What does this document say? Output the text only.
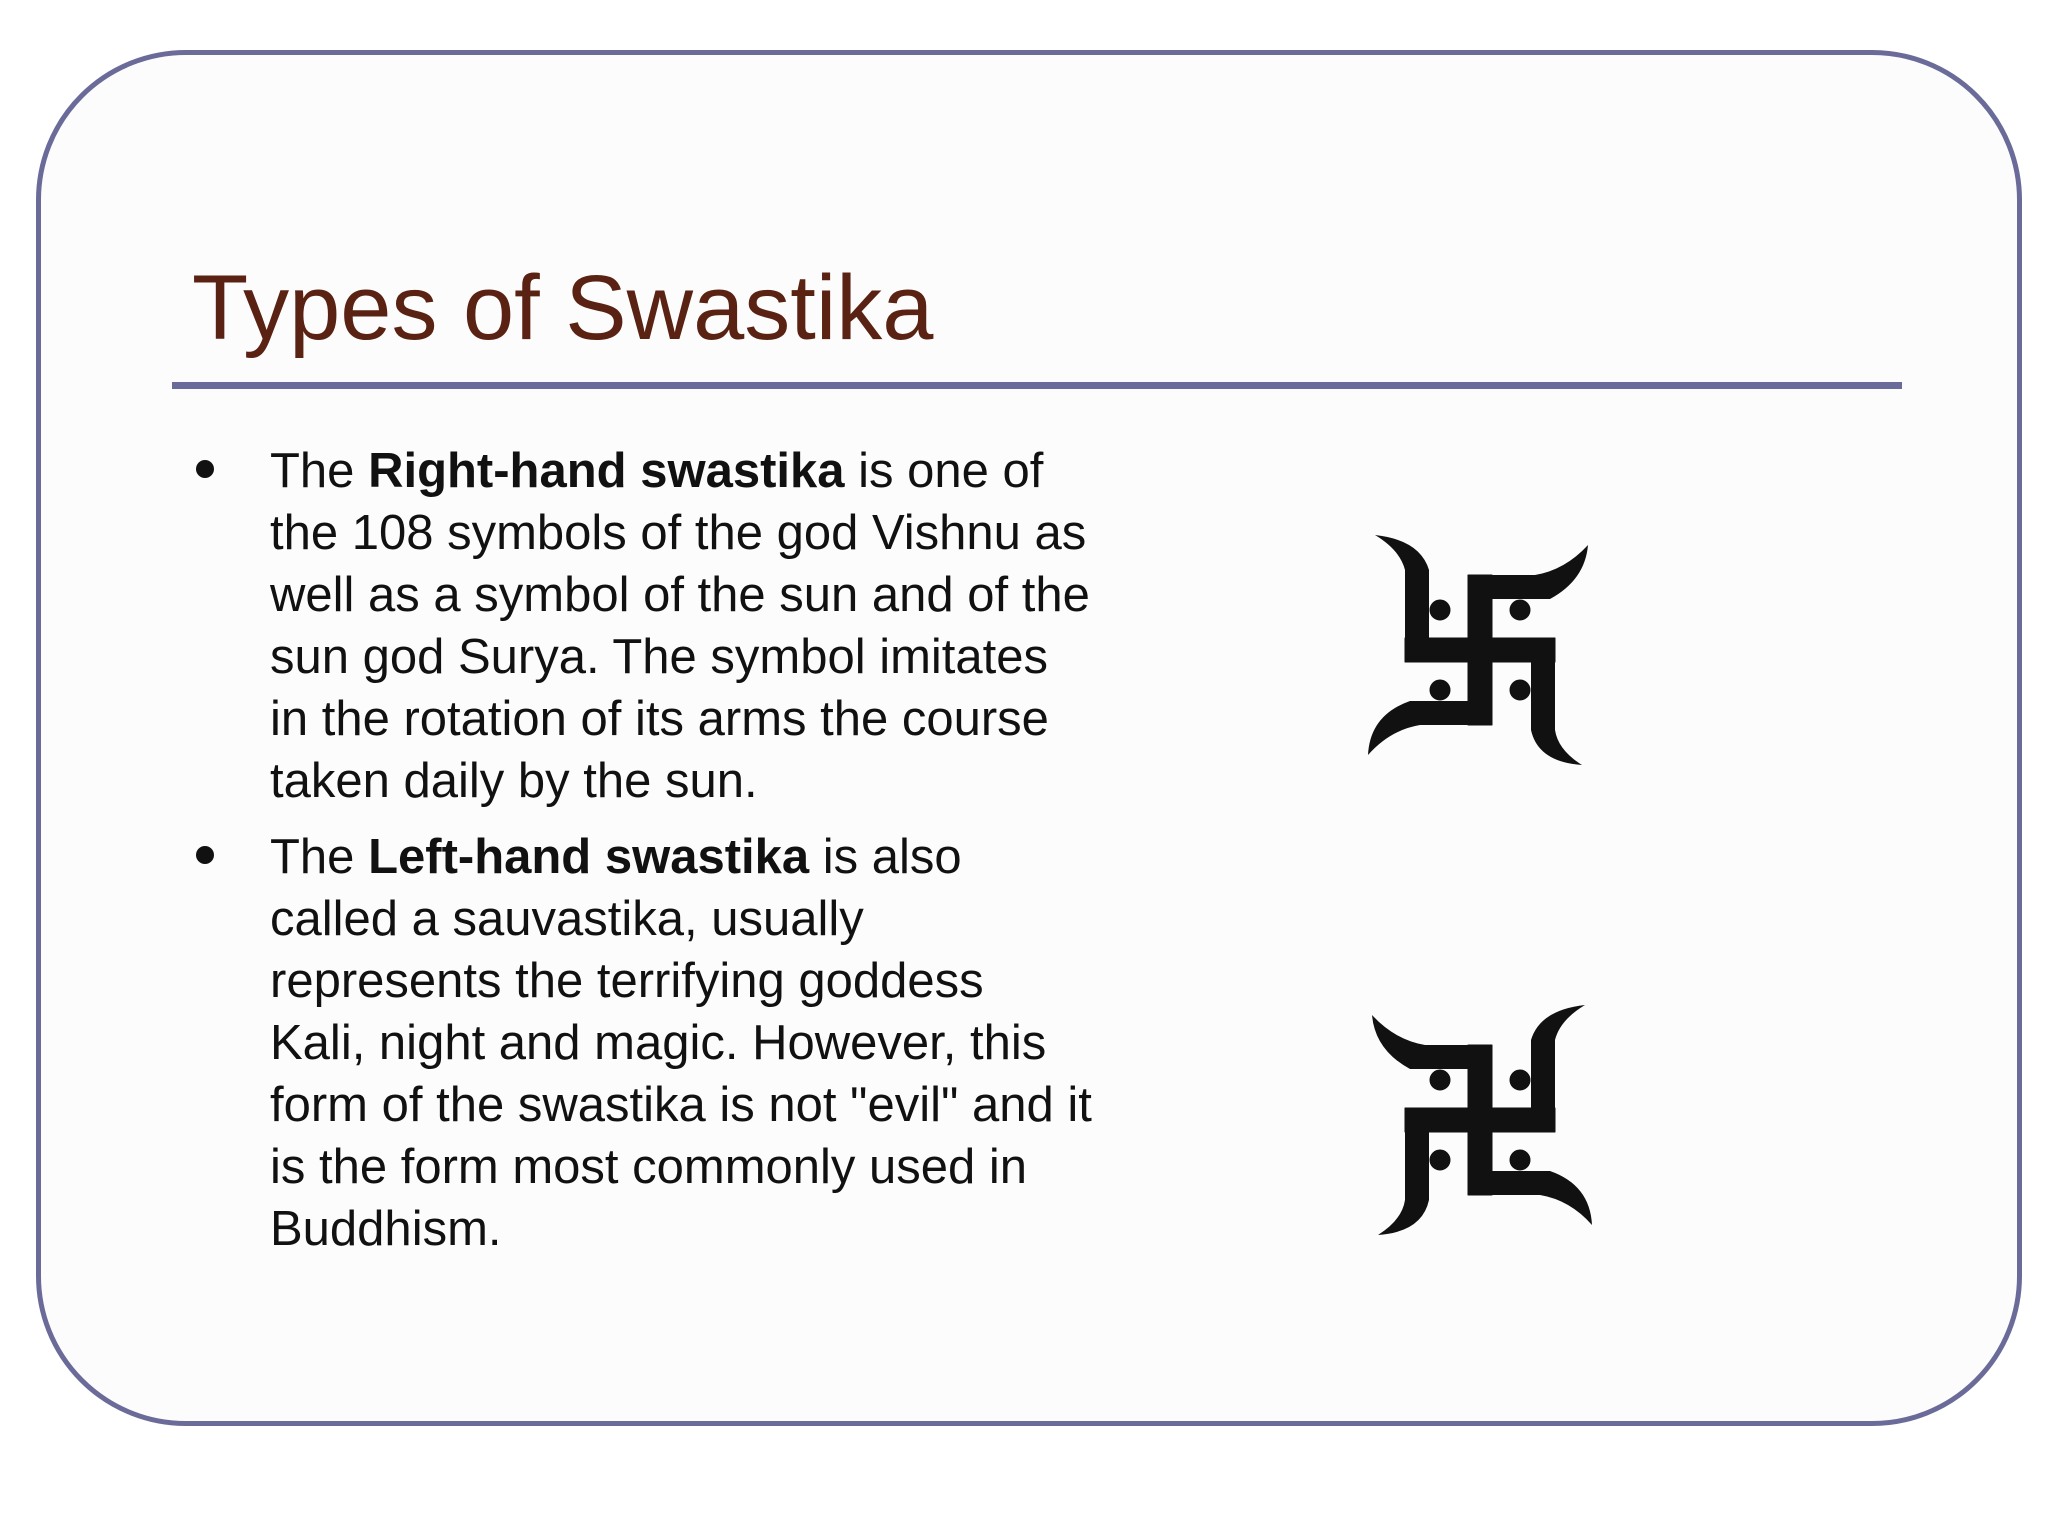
Types of Swastika
The Right-hand swastika is one of the 108 symbols of the god Vishnu as well as a symbol of the sun and of the sun god Surya. The symbol imitates in the rotation of its arms the course taken daily by the sun.
The Left-hand swastika is also called a sauvastika, usually represents the terrifying goddess Kali, night and magic. However, this form of the swastika is not "evil" and it is the form most commonly used in Buddhism.
